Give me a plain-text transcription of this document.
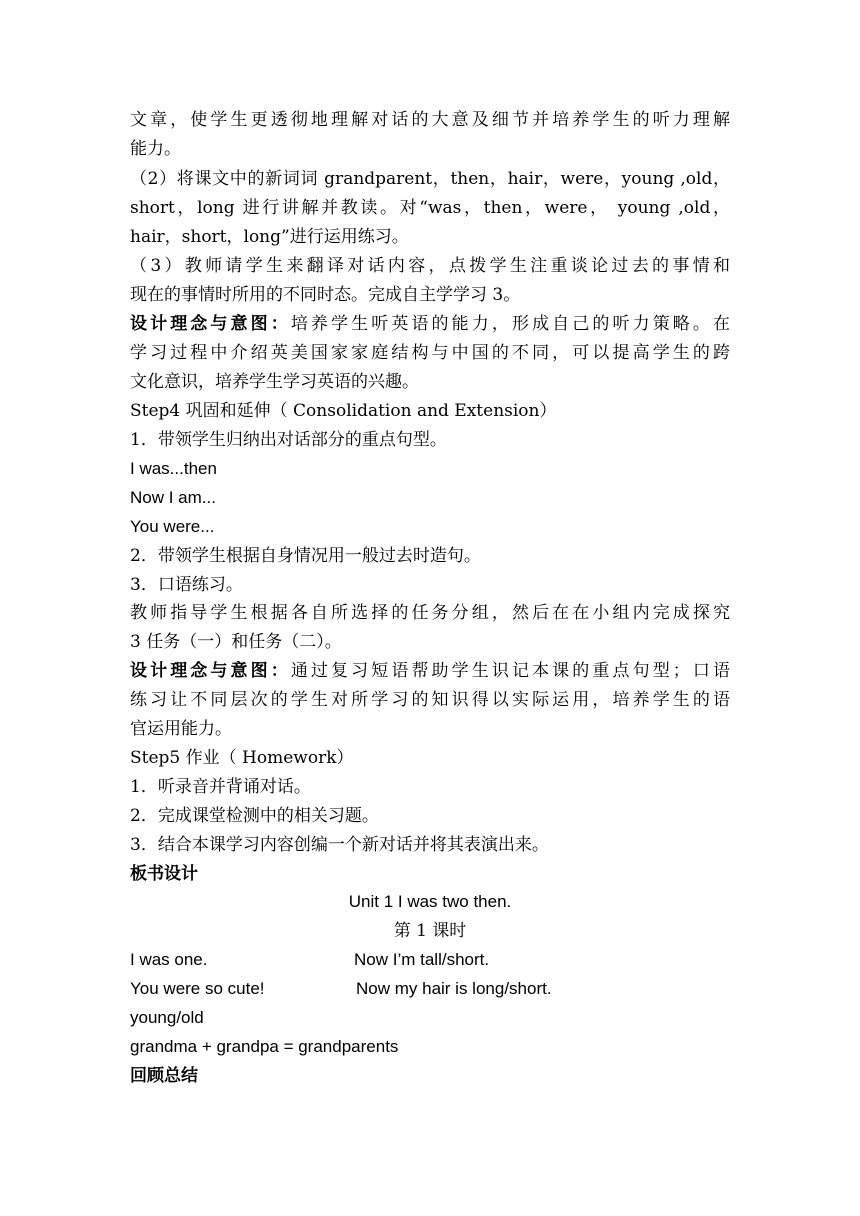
文章，使学生更透彻地理解对话的大意及细节并培养学生的听力理解
能力。
（2）将课文中的新词词 grandparent，then，hair，were，young ,old，
short，long 进行讲解并教读。对“was，then，were， young ,old，
hair，short，long”进行运用练习。
（3）教师请学生来翻译对话内容，点拨学生注重谈论过去的事情和
现在的事情时所用的不同时态。完成自主学学习 3。
设计理念与意图：培养学生听英语的能力，形成自己的听力策略。在
学习过程中介绍英美国家家庭结构与中国的不同，可以提高学生的跨
文化意识，培养学生学习英语的兴趣。
Step4 巩固和延伸（ Consolidation and Extension）
1．带领学生归纳出对话部分的重点句型。
I was...then
Now I am...
You were...
2．带领学生根据自身情况用一般过去时造句。
3．口语练习。
教师指导学生根据各自所选择的任务分组，然后在在小组内完成探究
3 任务（一）和任务（二）。
设计理念与意图：通过复习短语帮助学生识记本课的重点句型；口语
练习让不同层次的学生对所学习的知识得以实际运用，培养学生的语
官运用能力。
Step5 作业（ Homework）
1．听录音并背诵对话。
2．完成课堂检测中的相关习题。
3．结合本课学习内容创编一个新对话并将其表演出来。
板书设计
Unit 1 I was two then.
第 1 课时
I was one.	Now I’m tall/short.
You were so cute!	Now my hair is long/short.
young/old
grandma + grandpa = grandparents
回顾总结
